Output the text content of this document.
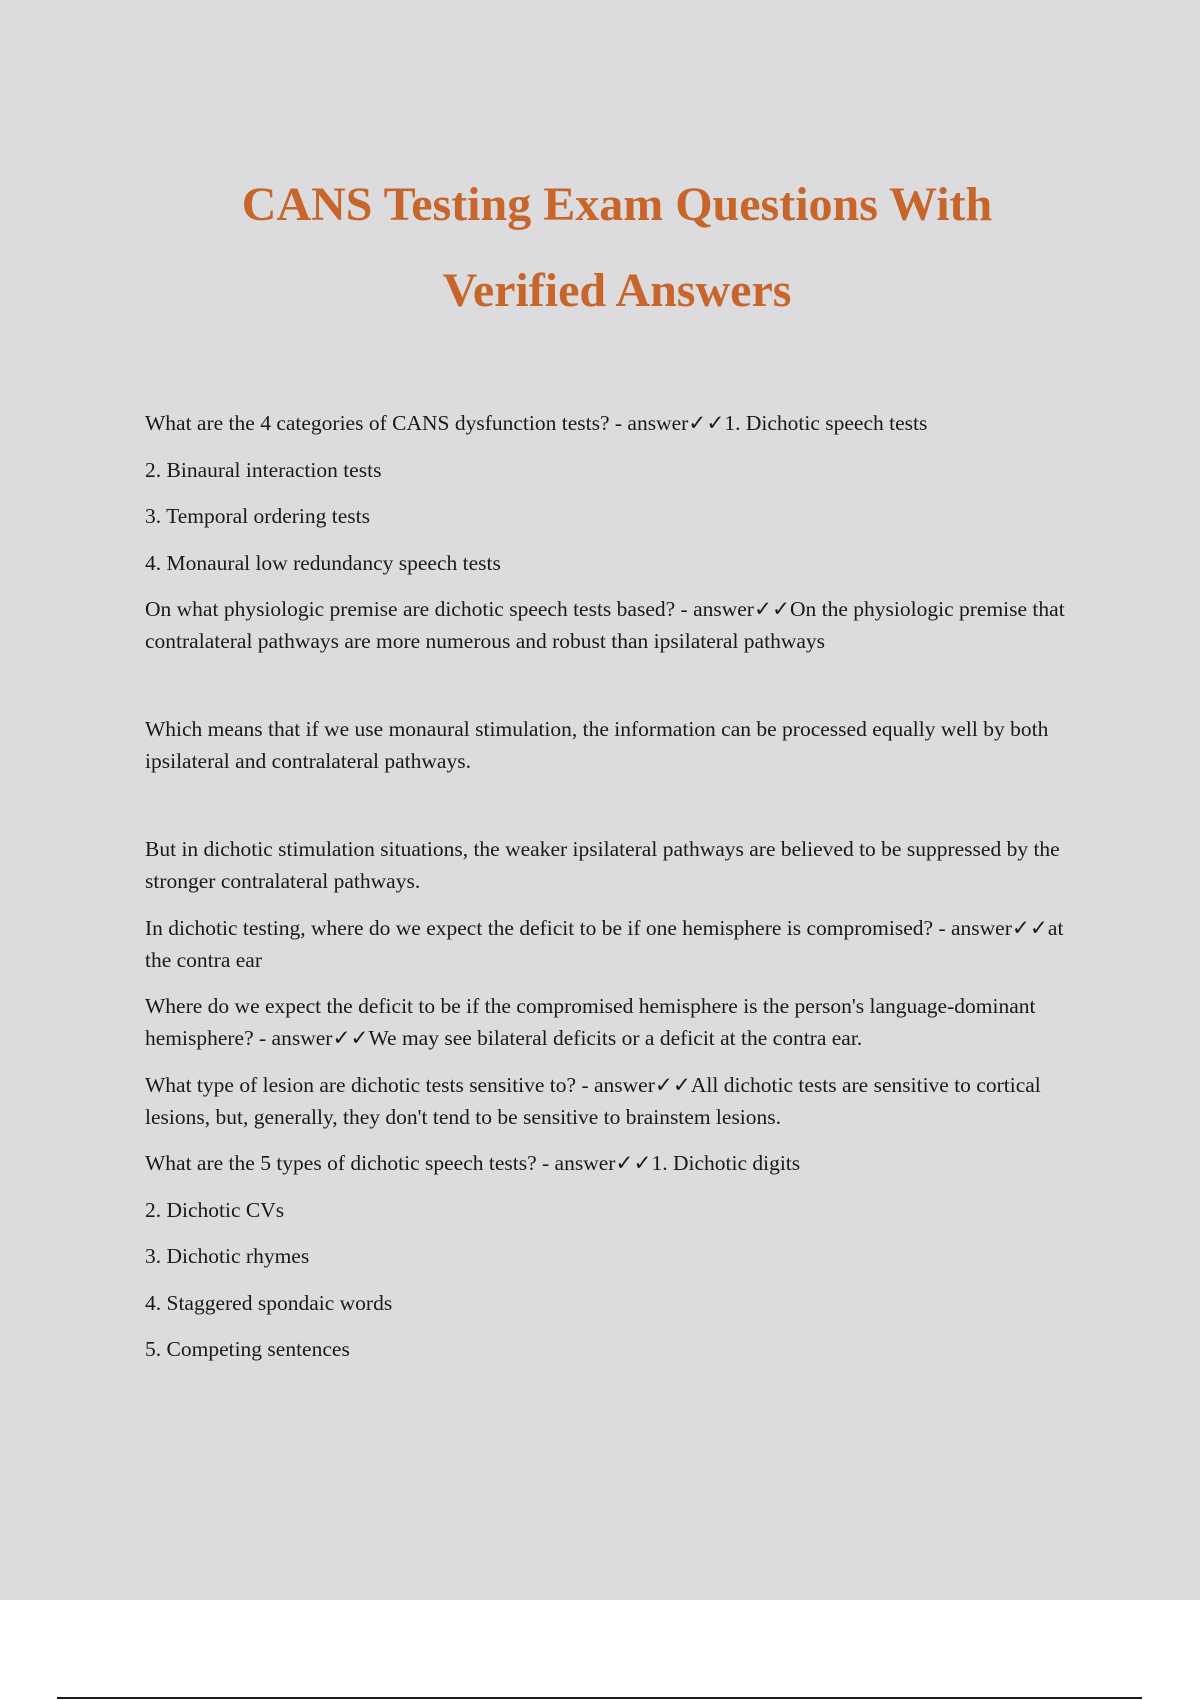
CANS Testing Exam Questions With
Verified Answers

What are the 4 categories of CANS dysfunction tests? - answer✓✓1. Dichotic speech tests

2. Binaural interaction tests

3. Temporal ordering tests

4. Monaural low redundancy speech tests

On what physiologic premise are dichotic speech tests based? - answer✓✓On the physiologic premise that contralateral pathways are more numerous and robust than ipsilateral pathways

Which means that if we use monaural stimulation, the information can be processed equally well by both ipsilateral and contralateral pathways.

But in dichotic stimulation situations, the weaker ipsilateral pathways are believed to be suppressed by the stronger contralateral pathways.

In dichotic testing, where do we expect the deficit to be if one hemisphere is compromised? - answer✓✓at the contra ear

Where do we expect the deficit to be if the compromised hemisphere is the person's language-dominant hemisphere? - answer✓✓We may see bilateral deficits or a deficit at the contra ear.

What type of lesion are dichotic tests sensitive to? - answer✓✓All dichotic tests are sensitive to cortical lesions, but, generally, they don't tend to be sensitive to brainstem lesions.

What are the 5 types of dichotic speech tests? - answer✓✓1. Dichotic digits

2. Dichotic CVs

3. Dichotic rhymes

4. Staggered spondaic words

5. Competing sentences
